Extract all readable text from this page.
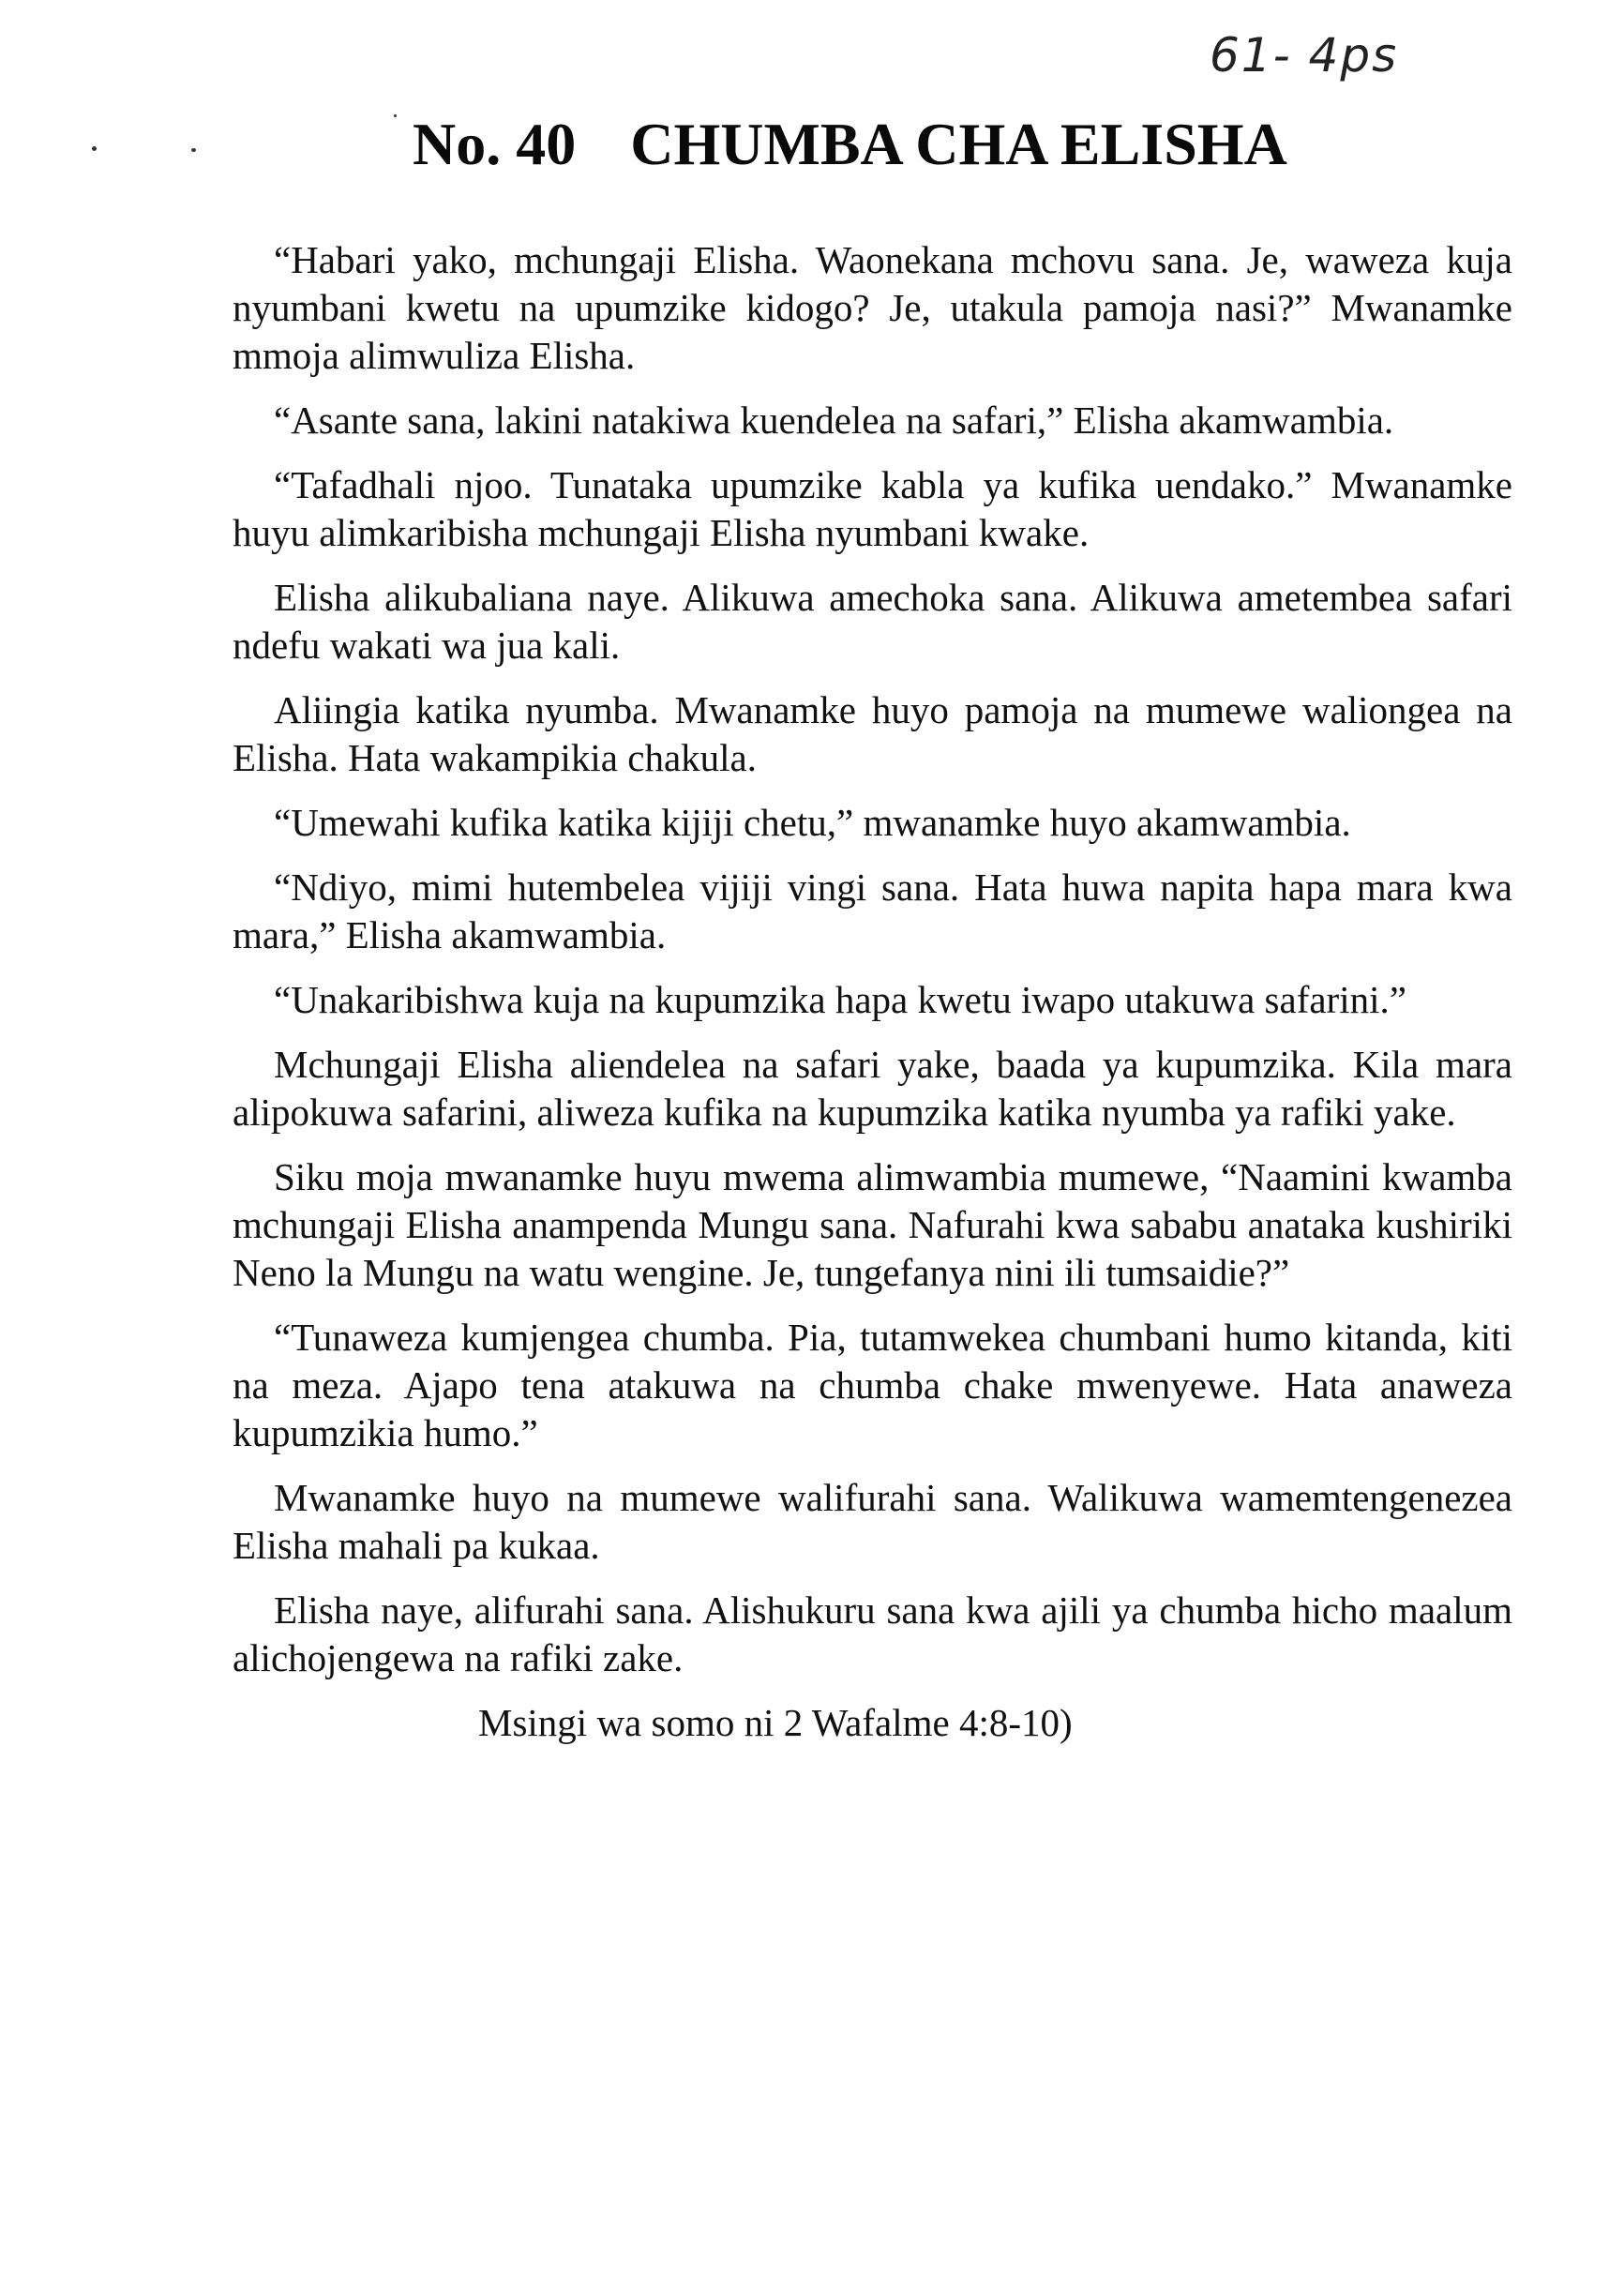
61- 4ps
No. 40 CHUMBA CHA ELISHA

“Habari yako, mchungaji Elisha. Waonekana mchovu sana. Je, waweza kuja nyumbani kwetu na upumzike kidogo? Je, utakula pamoja nasi?” Mwanamke mmoja alimwuliza Elisha.

“Asante sana, lakini natakiwa kuendelea na safari,” Elisha akamwambia.

“Tafadhali njoo. Tunataka upumzike kabla ya kufika uendako.” Mwanamke huyu alimkaribisha mchungaji Elisha nyumbani kwake.

Elisha alikubaliana naye. Alikuwa amechoka sana. Alikuwa ametembea safari ndefu wakati wa jua kali.

Aliingia katika nyumba. Mwanamke huyo pamoja na mumewe waliongea na Elisha. Hata wakampikia chakula.

“Umewahi kufika katika kijiji chetu,” mwanamke huyo akamwambia.

“Ndiyo, mimi hutembelea vijiji vingi sana. Hata huwa napita hapa mara kwa mara,” Elisha akamwambia.

“Unakaribishwa kuja na kupumzika hapa kwetu iwapo utakuwa safarini.”

Mchungaji Elisha aliendelea na safari yake, baada ya kupumzika. Kila mara alipokuwa safarini, aliweza kufika na kupumzika katika nyumba ya rafiki yake.

Siku moja mwanamke huyu mwema alimwambia mumewe, “Naamini kwamba mchungaji Elisha anampenda Mungu sana. Nafurahi kwa sababu anataka kushiriki Neno la Mungu na watu wengine. Je, tungefanya nini ili tumsaidie?”

“Tunaweza kumjengea chumba. Pia, tutamwekea chumbani humo kitanda, kiti na meza. Ajapo tena atakuwa na chumba chake mwenyewe. Hata anaweza kupumzikia humo.”

Mwanamke huyo na mumewe walifurahi sana. Walikuwa wamemtengenezea Elisha mahali pa kukaa.

Elisha naye, alifurahi sana. Alishukuru sana kwa ajili ya chumba hicho maalum alichojengewa na rafiki zake.

Msingi wa somo ni 2 Wafalme 4:8-10)
